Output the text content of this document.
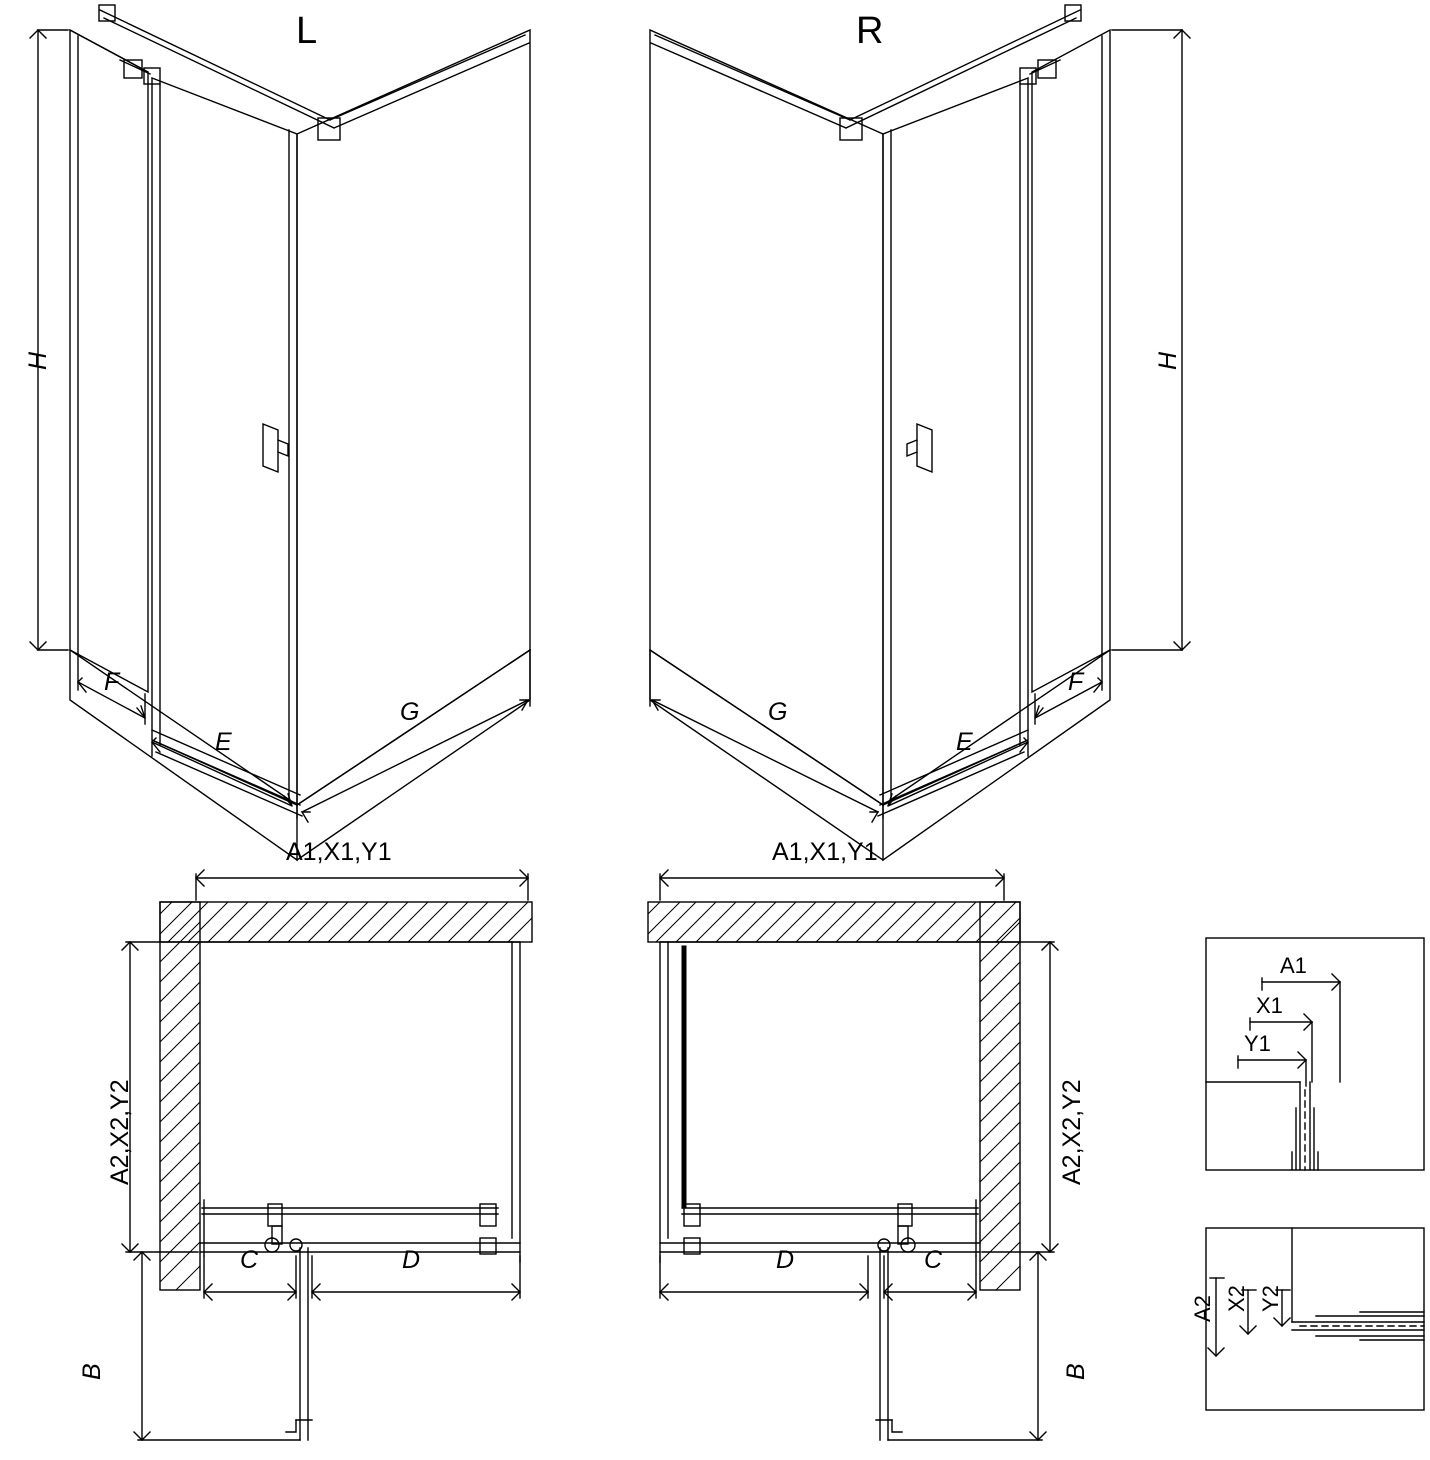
L	R
H	H
F
E
G	G
E
F
A1,X1,Y1
A2,X2,Y2
C	D
B
A1,X1,Y1
A2,X2,Y2
D	C
B
A1
X1
Y1
A2 X2 Y2
